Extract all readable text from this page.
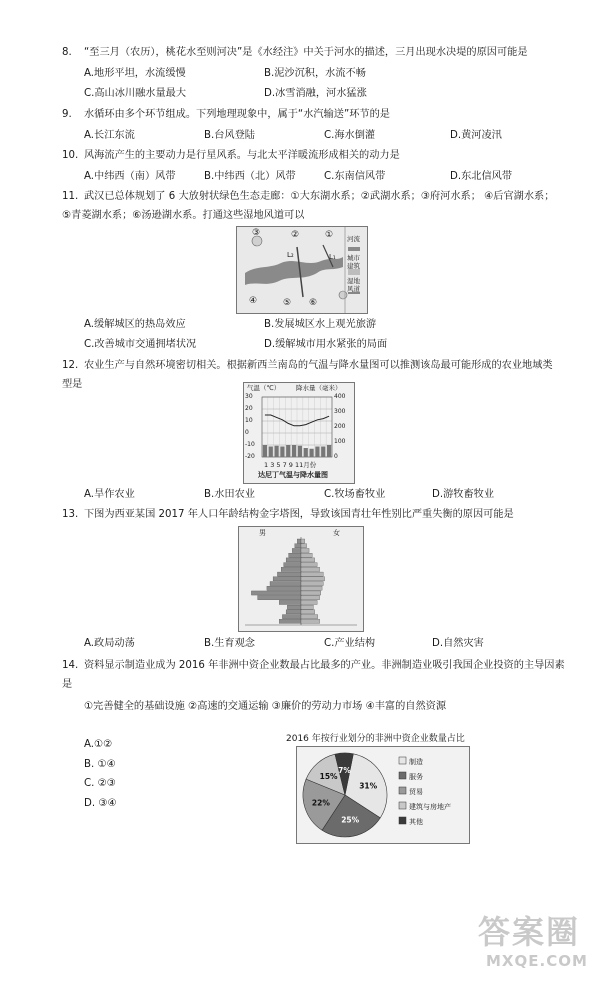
8. “至三月（农历），桃花水至则河决”是《水经注》中关于河水的描述，三月出现水决堤的原因可能是
A.地形平坦，水流缓慢	B.泥沙沉积，水流不畅
C.高山冰川融水量最大	D.冰雪消融，河水猛涨
9. 水循环由多个环节组成。下列地理现象中，属于“水汽输送”环节的是
A.长江东流	B.台风登陆	C.海水倒灌	D.黄河凌汛
10. 风海流产生的主要动力是行星风系。与北太平洋暖流形成相关的动力是
A.中纬西（南）风带	B.中纬西（北）风带	C.东南信风带	D.东北信风带
11. 武汉已总体规划了 6 大放射状绿色生态走廊：①大东湖水系；②武湖水系；③府河水系； ④后官湖水系；
⑤青菱湖水系；⑥汤逊湖水系。打通这些湿地风道可以
③	②	①
④	⑤ ⑥
L₁
L₂
河流
城市建筑
湿地风道
A.缓解城区的热岛效应	B.发展城区水上观光旅游
C.改善城市交通拥堵状况	D.缓解城市用水紧张的局面
12. 农业生产与自然环境密切相关。根据新西兰南岛的气温与降水量图可以推测该岛最可能形成的农业地域类
型是	气温（℃） 降水量（毫米）
1 3 5 7 9 11月份
达尼丁气温与降水量图
30
20
10
0
-10
-20
400
300
200
100
0
A.旱作农业	B.水田农业	C.牧场畜牧业	D.游牧畜牧业
13. 下图为西亚某国 2017 年人口年龄结构金字塔图，导致该国青壮年性别比严重失衡的原因可能是
男	女
A.政局动荡	B.生育观念	C.产业结构	D.自然灾害
14. 资料显示制造业成为 2016 年非洲中资企业数最占比最多的产业。非洲制造业吸引我国企业投资的主导因素
是
①完善健全的基础设施 ②高速的交通运输 ③廉价的劳动力市场 ④丰富的自然资源
A.①②
B. ①④
C. ②③
D. ③④
2016 年按行业划分的非洲中资企业数量占比
31%
25%
22%
15%
7%
制造
服务
贸易
建筑与房地产
其他
答案圈
MXQE.COM
